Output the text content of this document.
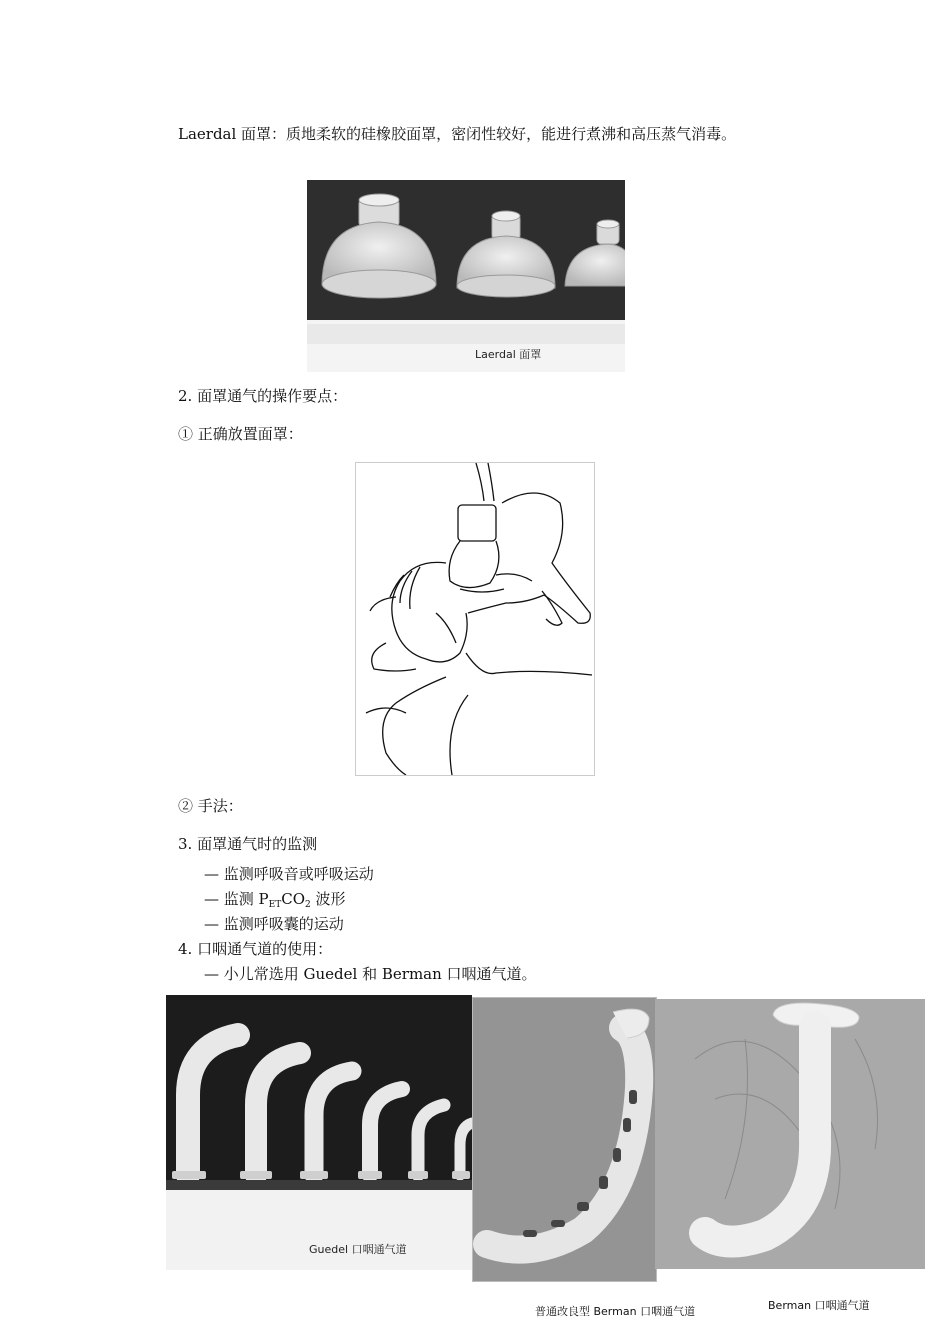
Laerdal 面罩：质地柔软的硅橡胶面罩，密闭性较好，能进行煮沸和高压蒸气消毒。
Laerdal 面罩
2. 面罩通气的操作要点：
① 正确放置面罩：
② 手法：
3. 面罩通气时的监测
— 监测呼吸音或呼吸运动
— 监测 $P_{ET}CO_2$ 波形
— 监测呼吸囊的运动
4. 口咽通气道的使用：
— 小儿常选用 Guedel 和 Berman 口咽通气道。
Guedel 口咽通气道
普通改良型 Berman 口咽通气道	Berman 口咽通气道
